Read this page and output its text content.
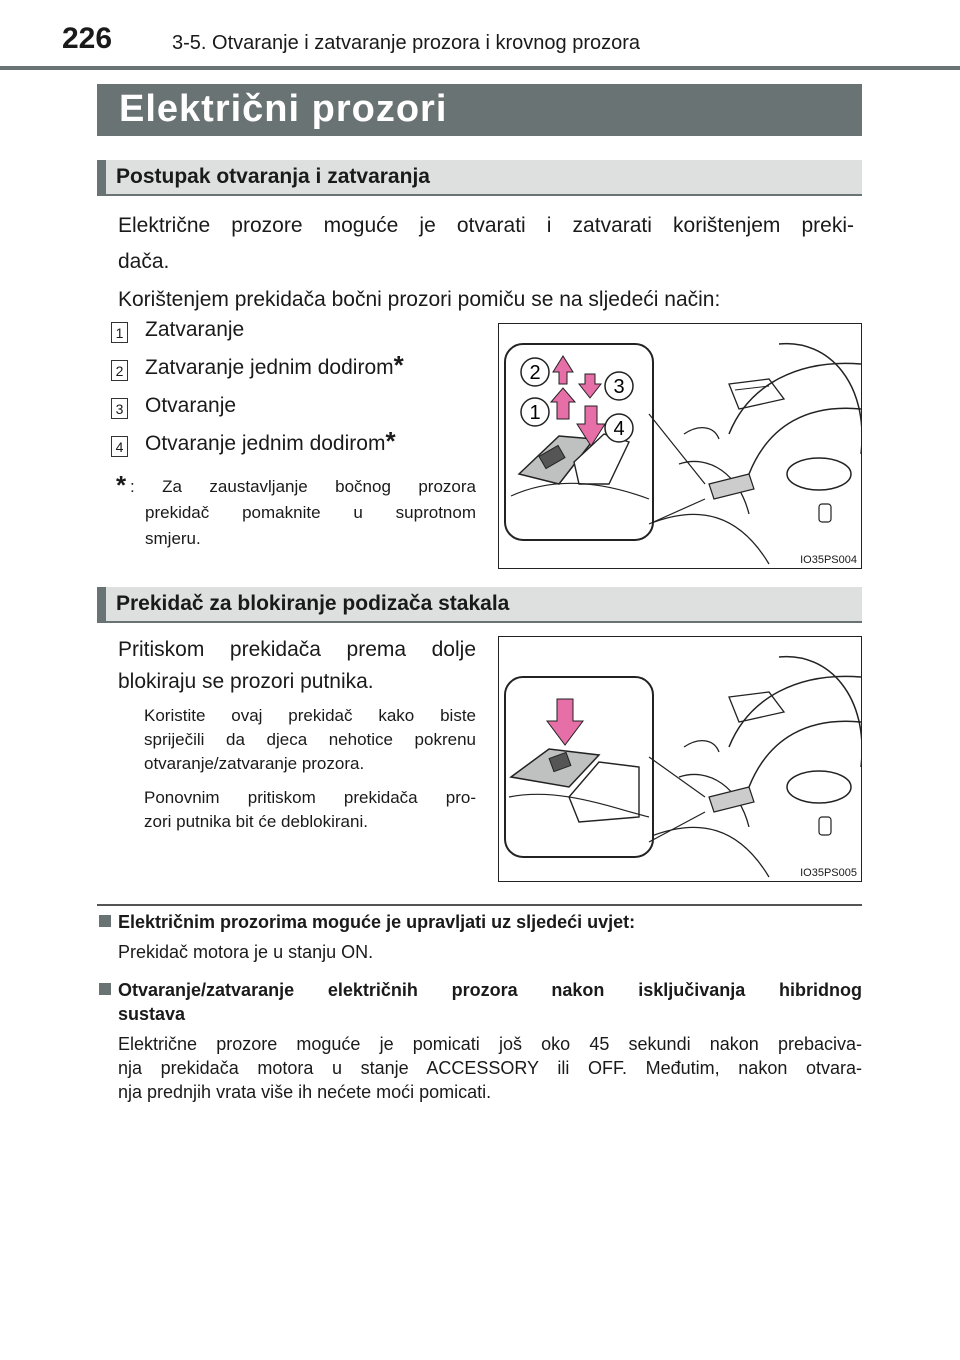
226	3-5. Otvaranje i zatvaranje prozora i krovnog prozora
Električni prozori
Postupak otvaranja i zatvaranja
Električne prozore moguće je otvarati i zatvarati korištenjem preki-
dača.
Korištenjem prekidača bočni prozori pomiču se na sljedeći način:
1 Zatvaranje
2 Zatvaranje jednim dodirom*
3 Otvaranje
4 Otvaranje jednim dodirom*
* : Za zaustavljanje bočnog prozora
prekidač pomaknite u suprotnom
smjeru.
2
3
1
4
IO35PS004
Prekidač za blokiranje podizača stakala
Pritiskom prekidača prema dolje
blokiraju se prozori putnika.
Koristite ovaj prekidač kako biste
spriječili da djeca nehotice pokrenu
otvaranje/zatvaranje prozora.
Ponovnim pritiskom prekidača pro-
zori putnika bit će deblokirani.
IO35PS005
Električnim prozorima moguće je upravljati uz sljedeći uvjet:
Prekidač motora je u stanju ON.
Otvaranje/zatvaranje električnih prozora nakon isključivanja hibridnog
sustava
Električne prozore moguće je pomicati još oko 45 sekundi nakon prebaciva-
nja prekidača motora u stanje ACCESSORY ili OFF. Međutim, nakon otvara-
nja prednjih vrata više ih nećete moći pomicati.
